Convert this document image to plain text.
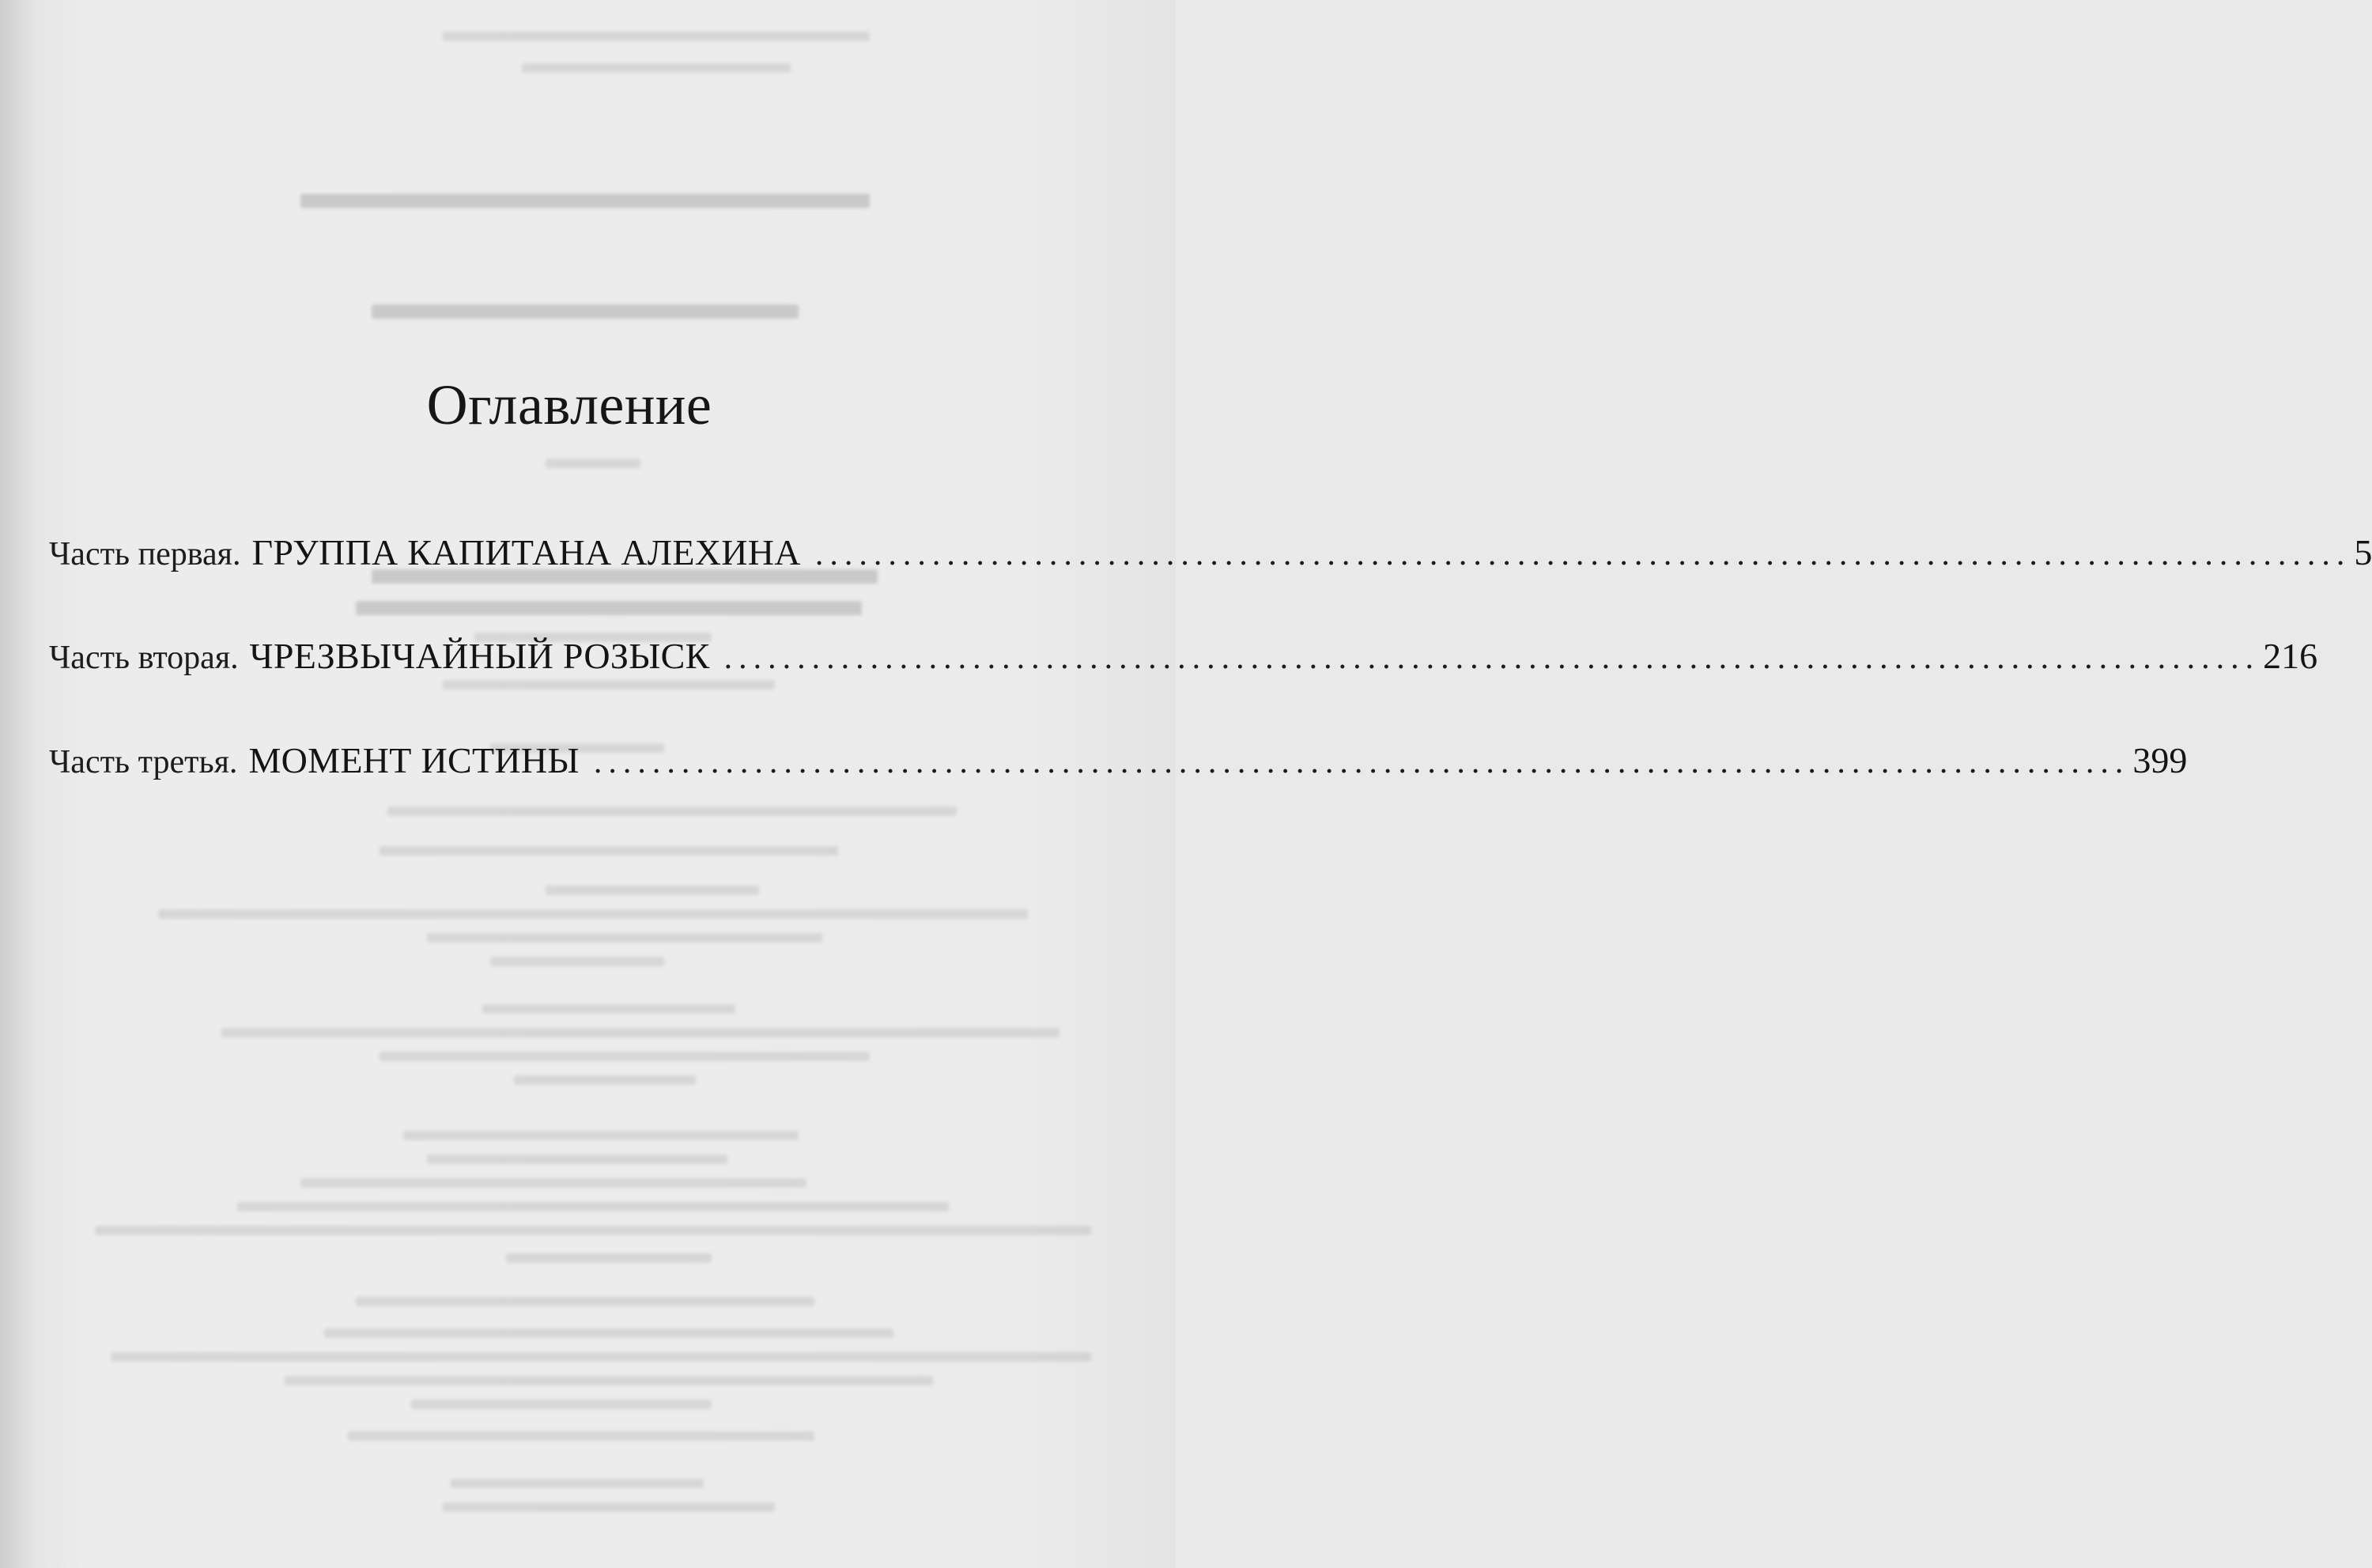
Оглавление
Часть первая. ГРУППА КАПИТАНА АЛЕХИНА ......................................................................................................... 5
Часть вторая. ЧРЕЗВЫЧАЙНЫЙ РОЗЫСК ......................................................................................................... 216
Часть третья. МОМЕНТ ИСТИНЫ ......................................................................................................... 399
